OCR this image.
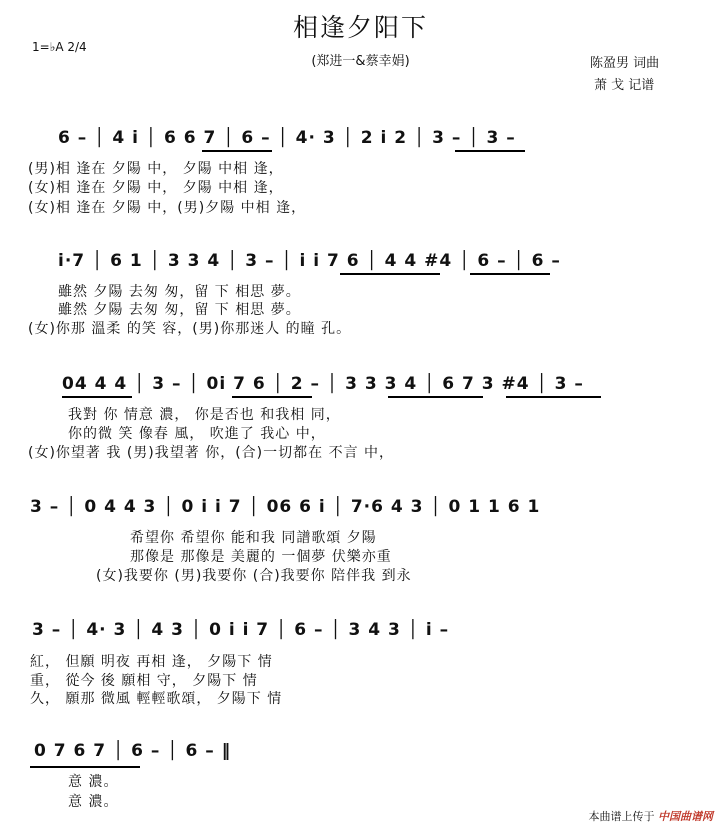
相逢夕阳下
(郑进一&蔡幸娟)
1=♭A 2/4
陈盈男 词曲
萧 戈 记谱
6 – │ 4 i │ 6 6 7 │ 6 – │ 4· 3 │ 2 i 2 │ 3 – │ 3 –
(男)相 逢在 夕陽 中， 夕陽 中相 逢，
(女)相 逢在 夕陽 中， 夕陽 中相 逢，
(女)相 逢在 夕陽 中，(男)夕陽 中相 逢，
i·7 │ 6 1 │ 3 3 4 │ 3 – │ i i 7 6 │ 4 4 #4 │ 6 – │ 6 –
雖然 夕陽 去匆 匆，留 下 相思 夢。
雖然 夕陽 去匆 匆，留 下 相思 夢。
(女)你那 溫柔 的笑 容，(男)你那迷人 的瞳 孔。
04 4 4 │ 3 – │ 0i 7 6 │ 2 – │ 3 3 3 4 │ 6 7 3 #4 │ 3 –
我對 你 情意 濃， 你是否也 和我相 同，
你的微 笑 像春 風， 吹進了 我心 中，
(女)你望著 我 (男)我望著 你，(合)一切都在 不言 中，
3 – │ 0 4 4 3 │ 0 i i 7 │ 06 6 i │ 7·6 4 3 │ 0 1 1 6 1
希望你 希望你 能和我 同譜歌頌 夕陽
那像是 那像是 美麗的 一個夢 伏樂亦重
(女)我要你 (男)我要你 (合)我要你 陪伴我 到永
3 – │ 4· 3 │ 4 3 │ 0 i i 7 │ 6 – │ 3 4 3 │ i –
紅， 但願 明夜 再相 逢， 夕陽下 情
重， 從今 後 願相 守， 夕陽下 情
久， 願那 微風 輕輕歌頌， 夕陽下 情
0 7 6 7 │ 6 – │ 6 – ‖
意 濃。
意 濃。
本曲谱上传于 中国曲谱网
